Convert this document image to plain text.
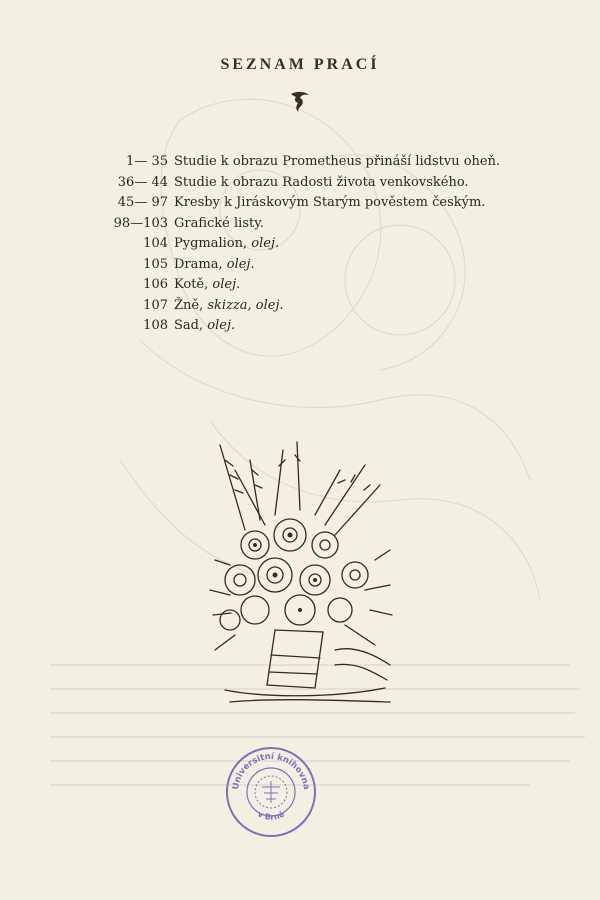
SEZNAM PRACÍ
1— 35 Studie k obrazu Prometheus přináší lidstvu oheň.
36— 44 Studie k obrazu Radosti života venkovského.
45— 97 Kresby k Jiráskovým Starým pověstem českým.
98—103 Grafické listy.
104 Pygmalion, olej.
105 Drama, olej.
106 Kotě, olej.
107 Žně, skizza, olej.
108 Sad, olej.
Universitní knihovna
v Brně
